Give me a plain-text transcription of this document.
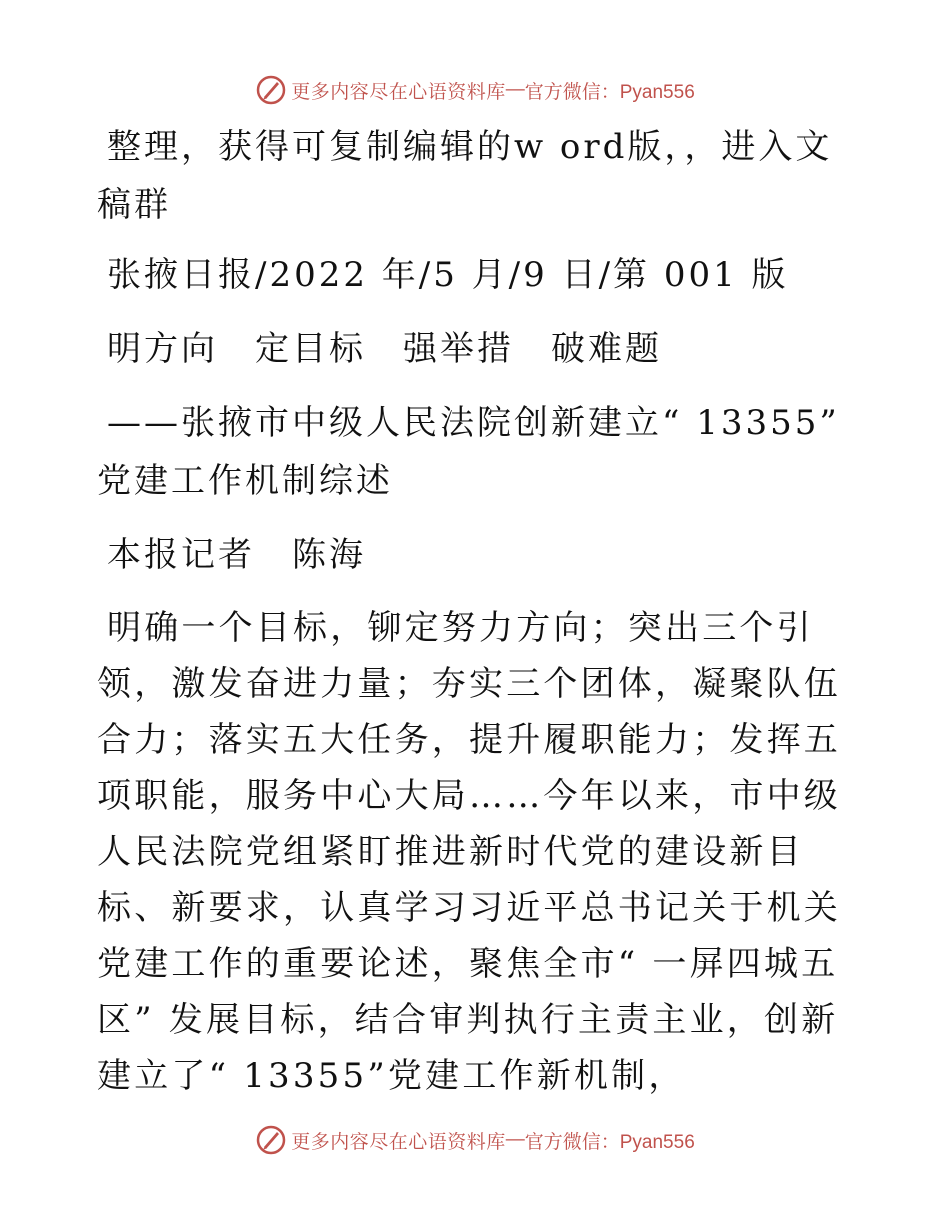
更多内容尽在心语资料库 — 官方微信：Pyan556

整理，获得可复制编辑的w ord版，，进入文稿群

张掖日报/2022 年/5 月/9 日/第 001 版

明方向　定目标　强举措　破难题

——张掖市中级人民法院创新建立“ 13355” 党建工作机制综述

本报记者　陈海

明确一个目标，铆定努力方向；突出三个引领，激发奋进力量；夯实三个团体，凝聚队伍合力；落实五大任务，提升履职能力；发挥五项职能，服务中心大局……今年以来，市中级人民法院党组紧盯推进新时代党的建设新目标、新要求，认真学习习近平总书记关于机关党建工作的重要论述，聚焦全市“ 一屏四城五区” 发展目标，结合审判执行主责主业，创新建立了“ 13355”党建工作新机制，

更多内容尽在心语资料库 — 官方微信：Pyan556
